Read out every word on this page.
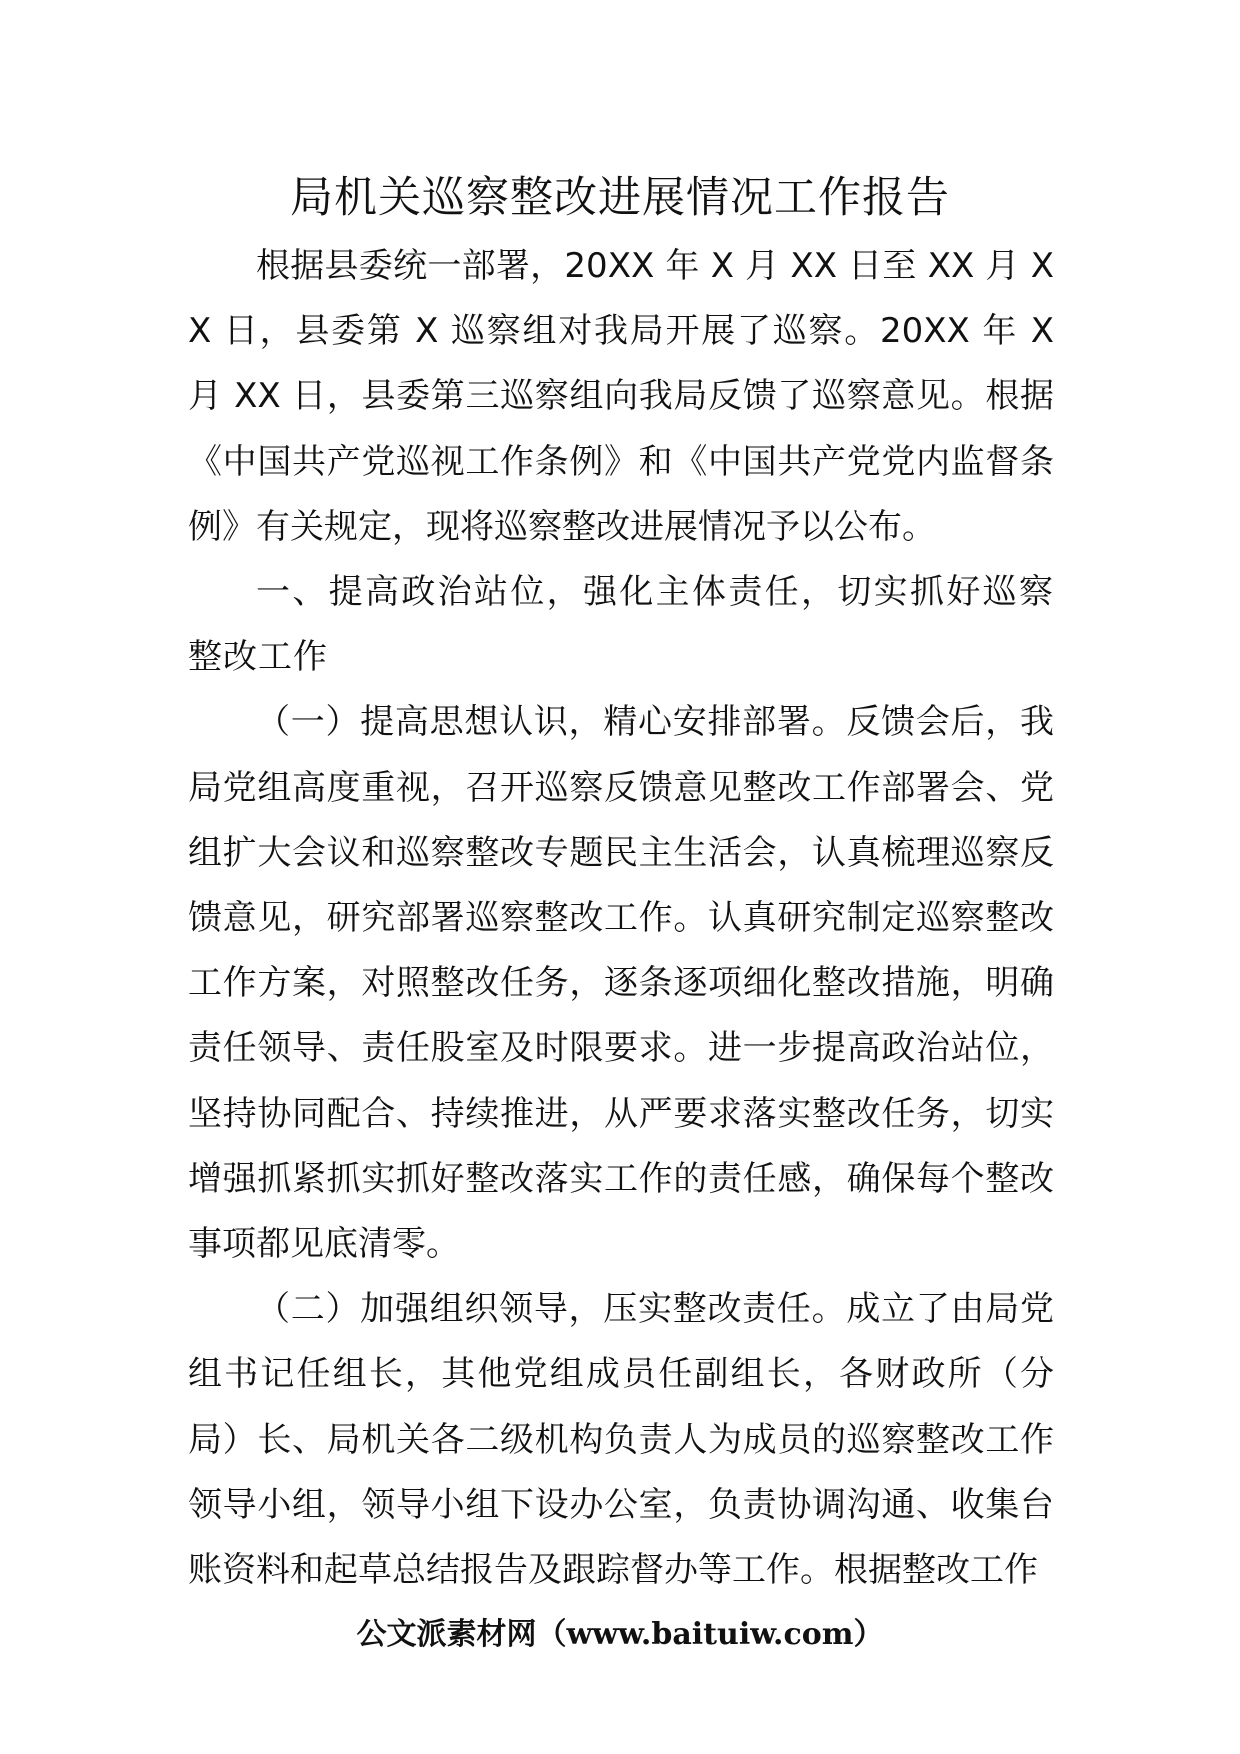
局机关巡察整改进展情况工作报告

根据县委统一部署，20XX 年 X 月 XX 日至 XX 月 XX 日，县委第 X 巡察组对我局开展了巡察。20XX 年 X 月 XX 日，县委第三巡察组向我局反馈了巡察意见。根据《中国共产党巡视工作条例》和《中国共产党党内监督条例》有关规定，现将巡察整改进展情况予以公布。

一、提高政治站位，强化主体责任，切实抓好巡察整改工作

（一）提高思想认识，精心安排部署。反馈会后，我局党组高度重视，召开巡察反馈意见整改工作部署会、党组扩大会议和巡察整改专题民主生活会，认真梳理巡察反馈意见，研究部署巡察整改工作。认真研究制定巡察整改工作方案，对照整改任务，逐条逐项细化整改措施，明确责任领导、责任股室及时限要求。进一步提高政治站位，坚持协同配合、持续推进，从严要求落实整改任务，切实增强抓紧抓实抓好整改落实工作的责任感，确保每个整改事项都见底清零。

（二）加强组织领导，压实整改责任。成立了由局党组书记任组长，其他党组成员任副组长，各财政所（分局）长、局机关各二级机构负责人为成员的巡察整改工作领导小组，领导小组下设办公室，负责协调沟通、收集台账资料和起草总结报告及跟踪督办等工作。根据整改工作

公文派素材网（www.baituiw.com）
